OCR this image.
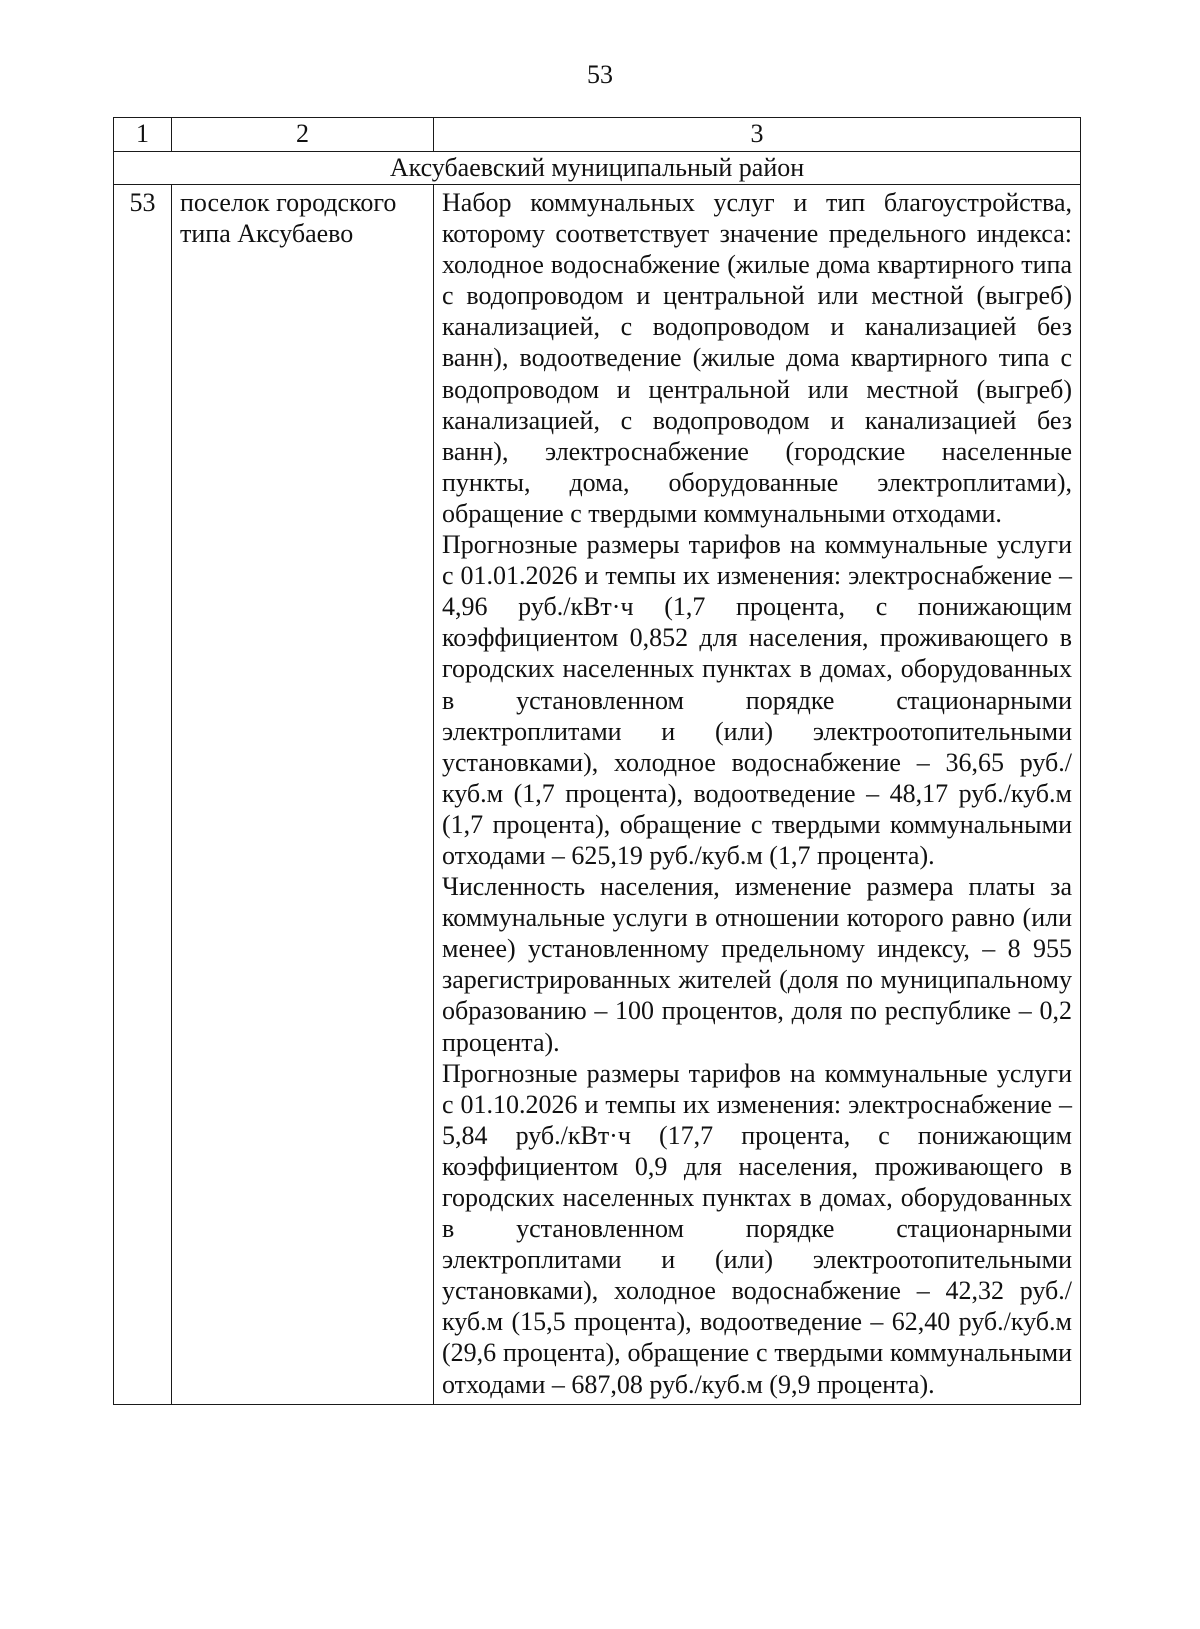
53
1	2	3
Аксубаевский муниципальный район		
53	поселок городского типа Аксубаево	Набор коммунальных услуг и тип благоустройства, которому соответствует значение предельного индекса: холодное водоснабжение (жилые дома квартирного типа с водопроводом и центральной или местной (выгреб) канализацией, с водопроводом и канализацией без ванн), водоотведение (жилые дома квартирного типа с водопроводом и центральной или местной (выгреб) канализацией, с водопроводом и канализацией без ванн), электроснабжение (городские населенные пункты, дома, оборудованные электроплитами), обращение с твердыми коммунальными отходами.
Прогнозные размеры тарифов на коммунальные услуги с 01.01.2026 и темпы их изменения: электроснабжение – 4,96 руб./кВт·ч (1,7 процента, с понижающим коэффициентом 0,852 для населения, проживающего в городских населенных пунктах в домах, оборудованных в установленном порядке стационарными электроплитами и (или) электроотопительными установками), холодное водоснабжение – 36,65 руб./куб.м (1,7 процента), водоотведение – 48,17 руб./куб.м (1,7 процента), обращение с твердыми коммунальными отходами – 625,19 руб./куб.м (1,7 процента).
Численность населения, изменение размера платы за коммунальные услуги в отношении которого равно (или менее) установленному предельному индексу, – 8 955 зарегистрированных жителей (доля по муниципальному образованию – 100 процентов, доля по республике – 0,2 процента).
Прогнозные размеры тарифов на коммунальные услуги с 01.10.2026 и темпы их изменения: электроснабжение – 5,84 руб./кВт·ч (17,7 процента, с понижающим коэффициентом 0,9 для населения, проживающего в городских населенных пунктах в домах, оборудованных в установленном порядке стационарными электроплитами и (или) электроотопительными установками), холодное водоснабжение – 42,32 руб./куб.м (15,5 процента), водоотведение – 62,40 руб./куб.м (29,6 процента), обращение с твердыми коммунальными отходами – 687,08 руб./куб.м (9,9 процента).
